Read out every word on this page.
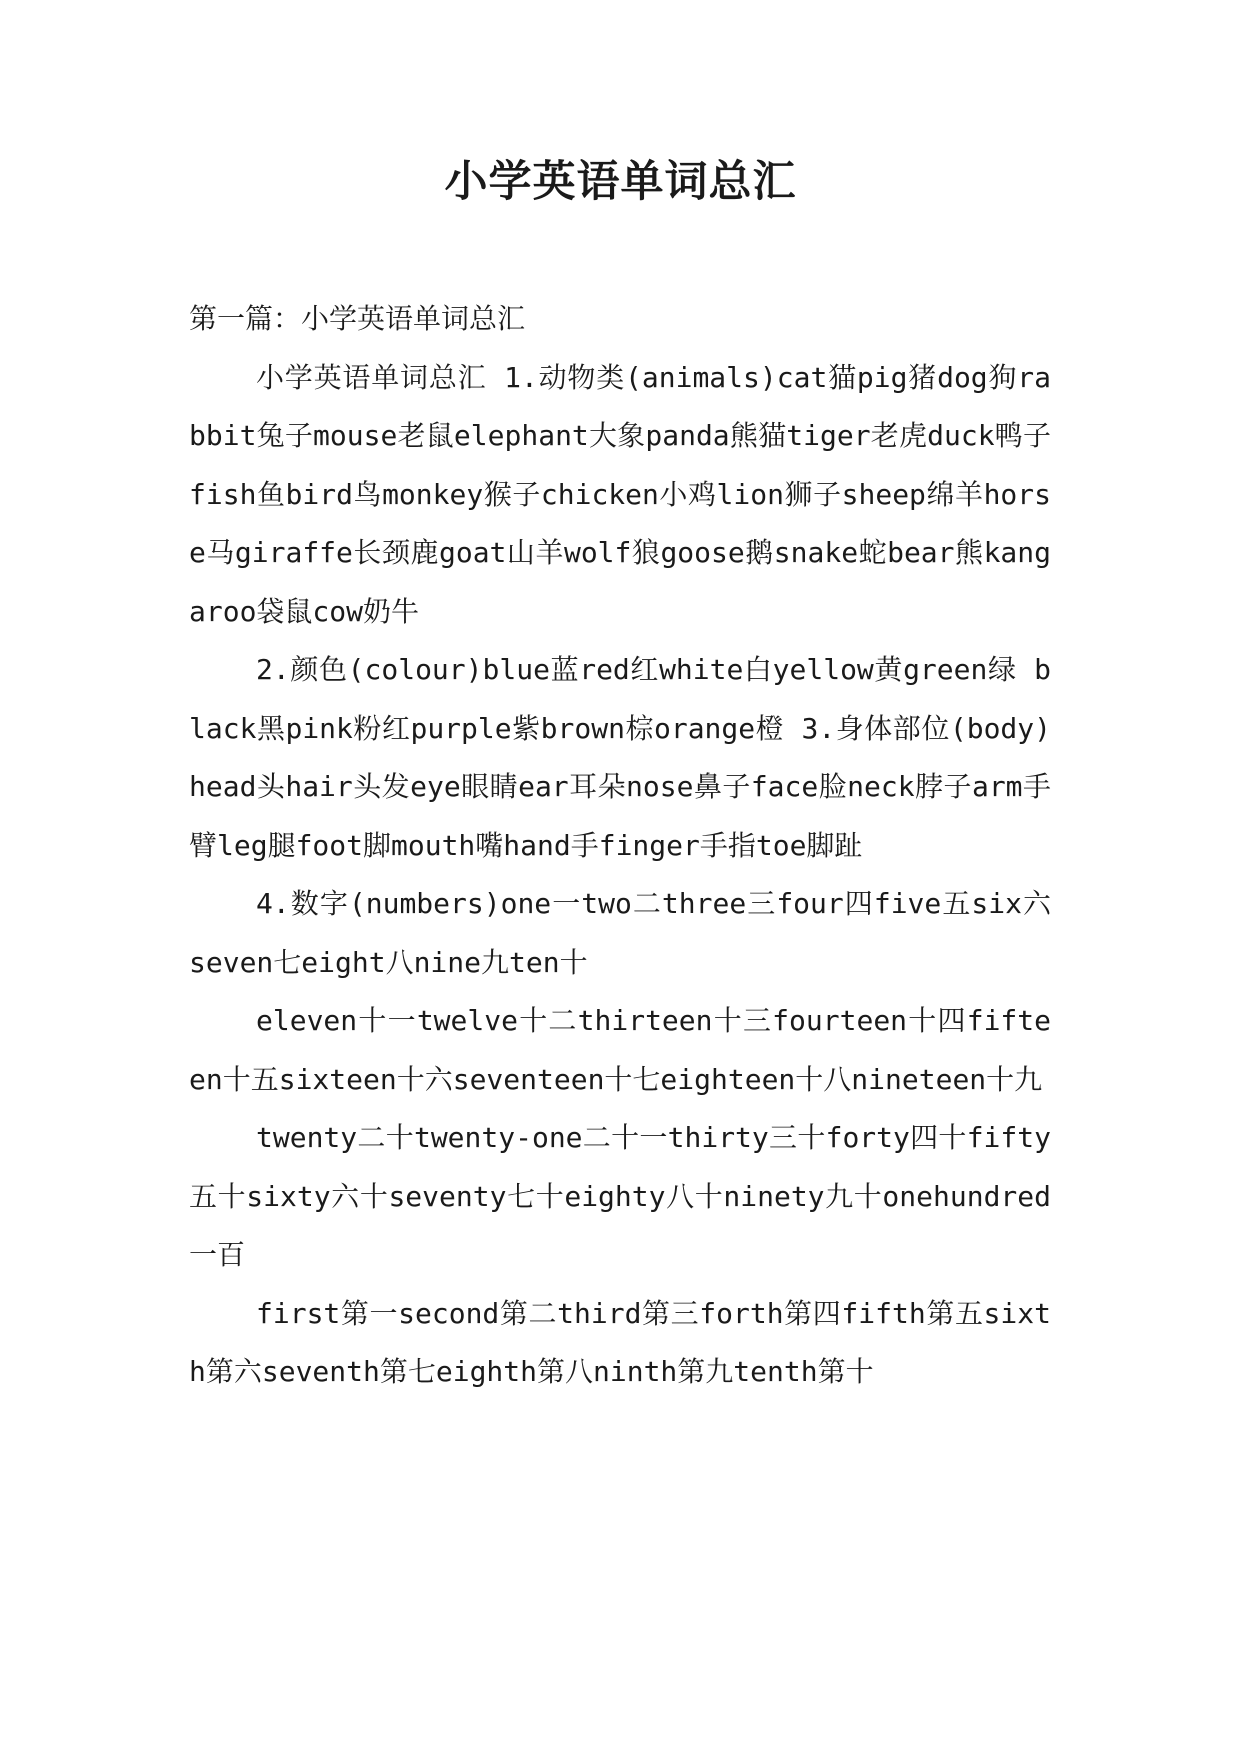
小学英语单词总汇

第一篇：小学英语单词总汇

小学英语单词总汇 1.动物类(animals)cat猫pig猪dog狗rabbit兔子mouse老鼠elephant大象panda熊猫tiger老虎duck鸭子fish鱼bird鸟monkey猴子chicken小鸡lion狮子sheep绵羊horse马giraffe长颈鹿goat山羊wolf狼goose鹅snake蛇bear熊kangaroo袋鼠cow奶牛

2.颜色(colour)blue蓝red红white白yellow黄green绿 black黑pink粉红purple紫brown棕orange橙 3.身体部位(body)head头hair头发eye眼睛ear耳朵nose鼻子face脸neck脖子arm手臂leg腿foot脚mouth嘴hand手finger手指toe脚趾

4.数字(numbers)one一two二three三four四five五six六seven七eight八nine九ten十

eleven十一twelve十二thirteen十三fourteen十四fifteen十五sixteen十六seventeen十七eighteen十八nineteen十九

twenty二十twenty-one二十一thirty三十forty四十fifty五十sixty六十seventy七十eighty八十ninety九十onehundred一百

first第一second第二third第三forth第四fifth第五sixth第六seventh第七eighth第八ninth第九tenth第十
